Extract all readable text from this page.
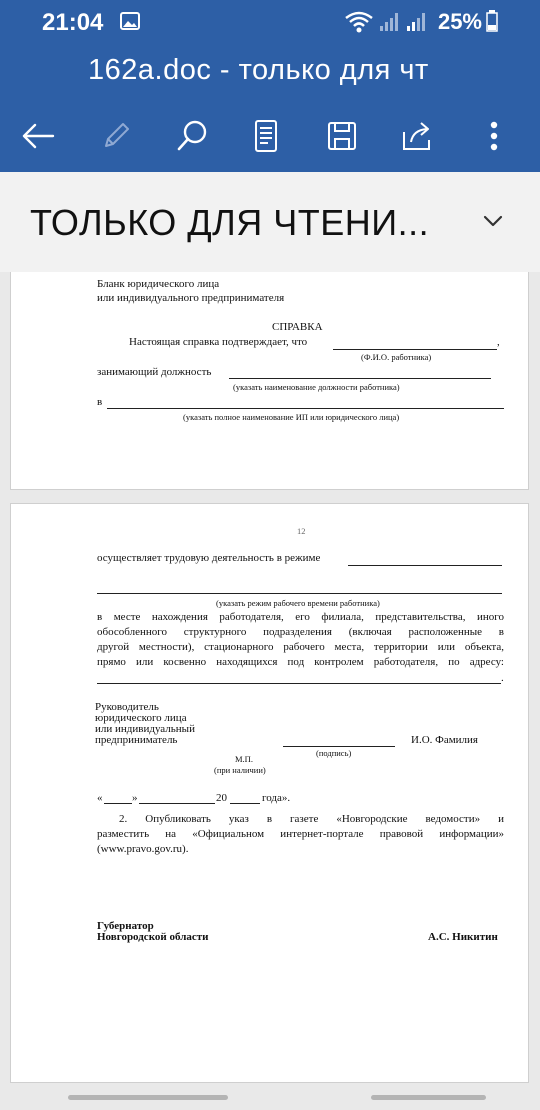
21:04	25%
162a.doc - только для чт
ТОЛЬКО ДЛЯ ЧТЕНИ...
Бланк юридического лица
или индивидуального предпринимателя
СПРАВКА
Настоящая справка подтверждает, что	,
(Ф.И.О. работника)
занимающий должность
(указать наименование должности работника)
в
(указать полное наименование ИП или юридического лица)
12
осуществляет трудовую деятельность в режиме
(указать режим рабочего времени работника)
в месте нахождения работодателя, его филиала, представительства, иного
обособленного структурного подразделения (включая расположенные в
другой местности), стационарного рабочего места, территории или объекта,
прямо или косвенно находящихся под контролем работодателя, по адресу:
.
Руководитель
юридического лица
или индивидуальный
предприниматель	И.О. Фамилия
(подпись)
М.П.
(при наличии)
«	»	20	года».
2. Опубликовать указ в газете «Новгородские ведомости» и
разместить на «Официальном интернет-портале правовой информации»
(www.pravo.gov.ru).
Губернатор
Новгородской области	А.С. Никитин
